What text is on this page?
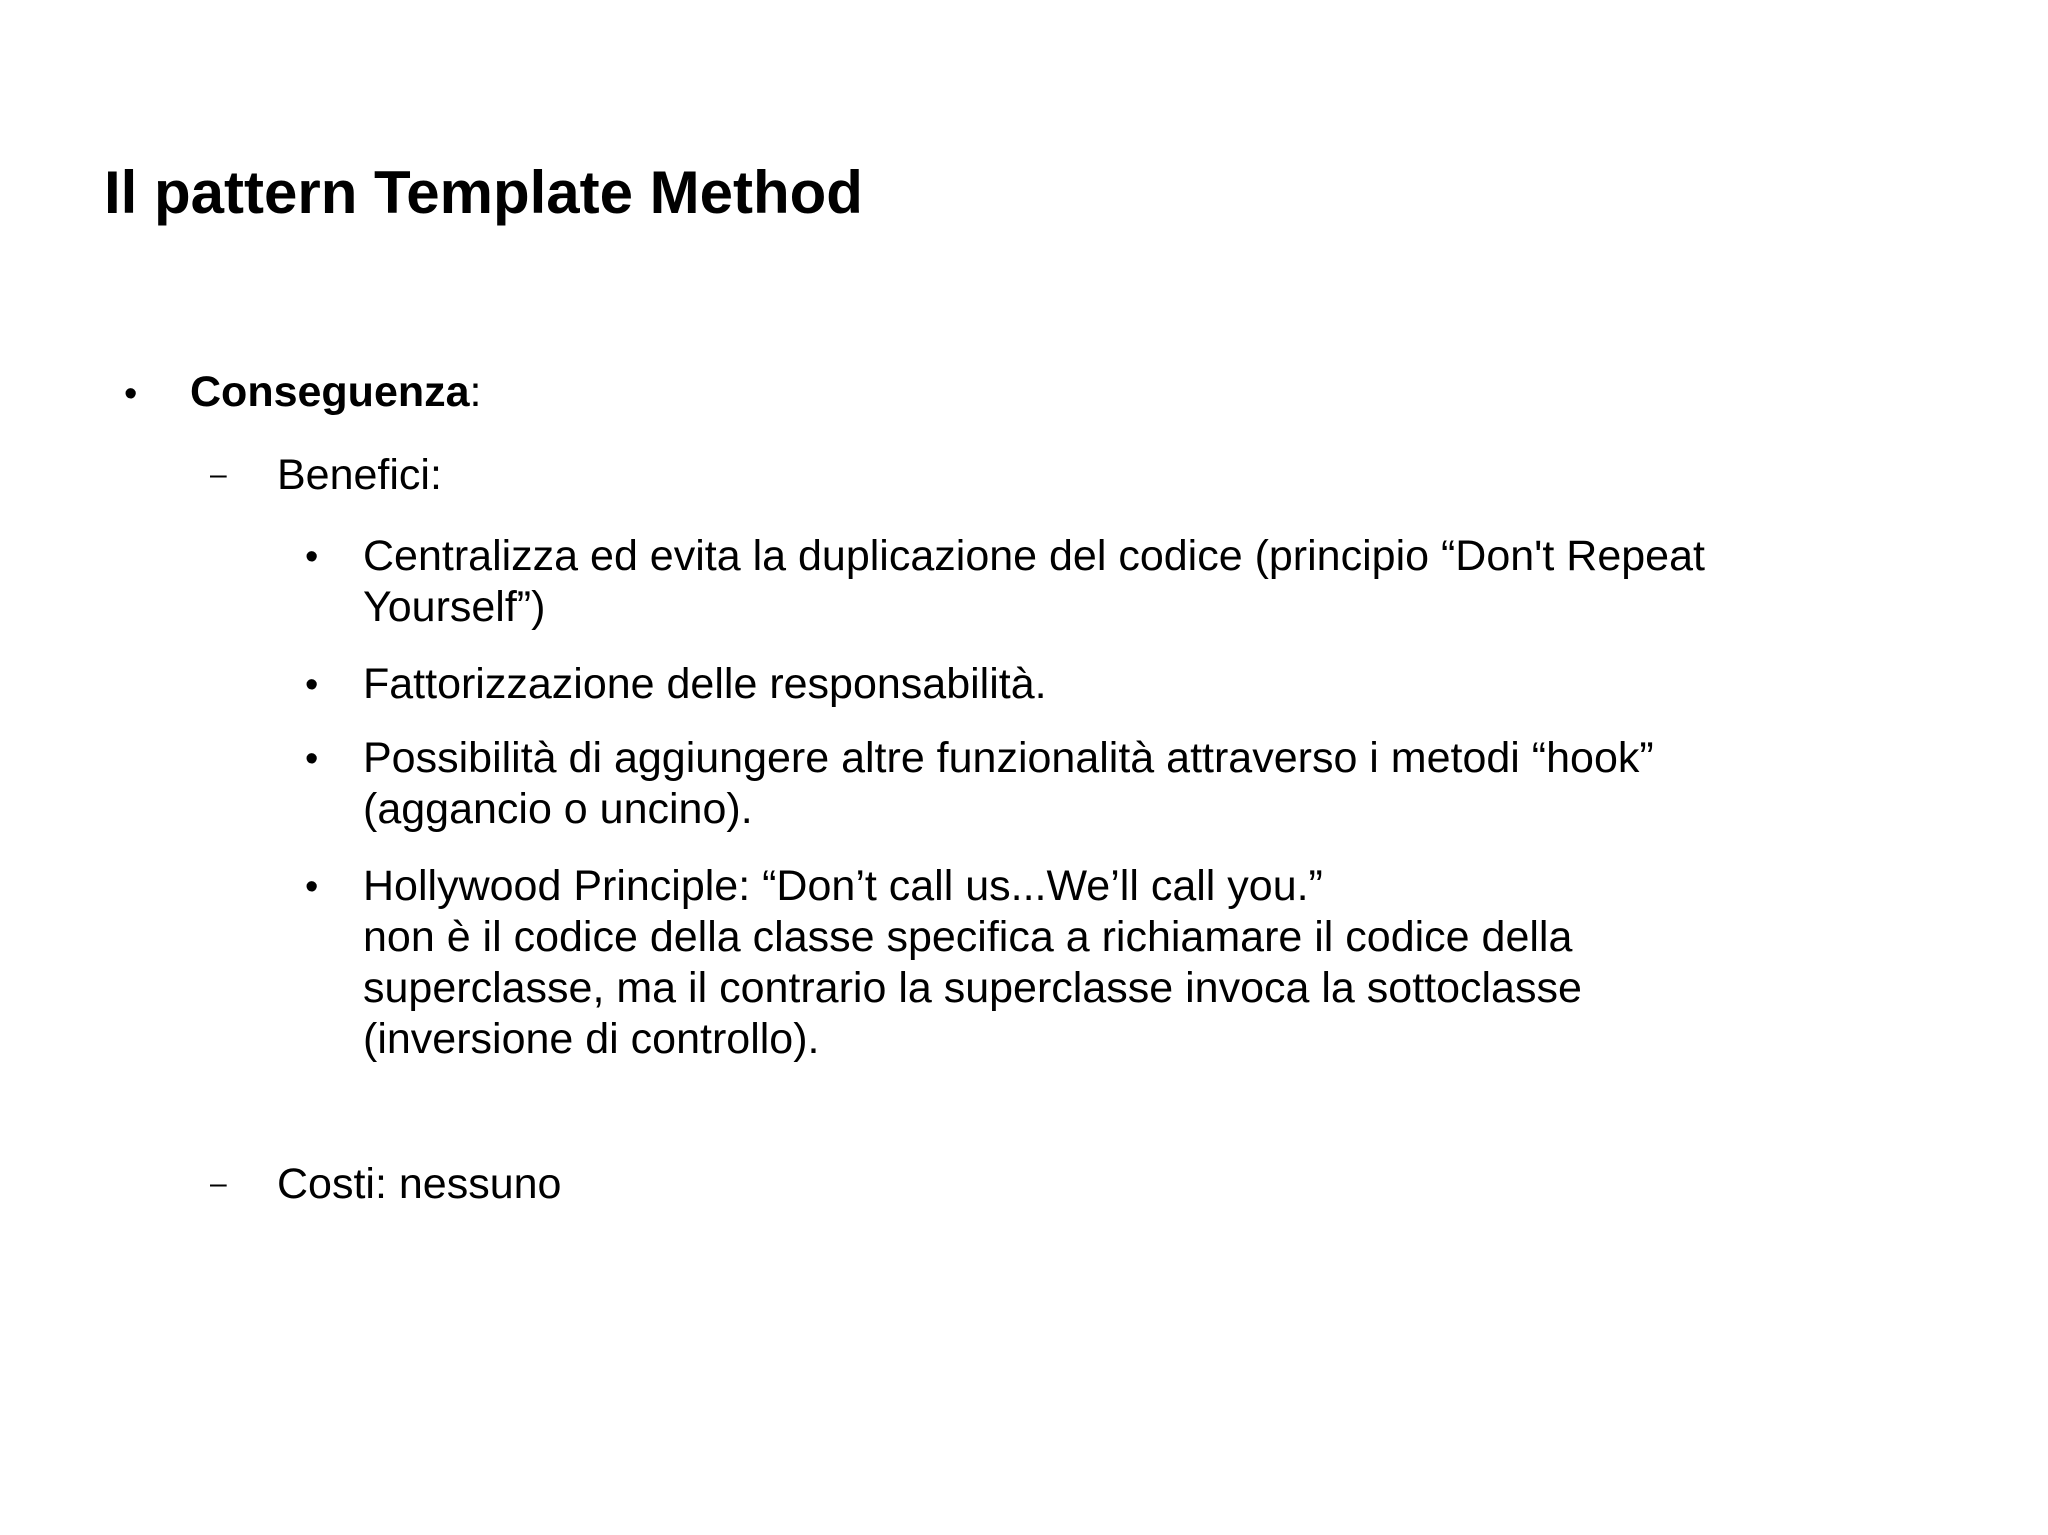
Il pattern Template Method
• Conseguenza:
– Benefici:
• Centralizza ed evita la duplicazione del codice (principio “Don't Repeat
Yourself”)

• Fattorizzazione delle responsabilità.

• Possibilità di aggiungere altre funzionalità attraverso i metodi “hook”
(aggancio o uncino).

• Hollywood Principle: “Don’t call us...We’ll call you.”
non è il codice della classe specifica a richiamare il codice della
superclasse, ma il contrario la superclasse invoca la sottoclasse
(inversione di controllo).

– Costi: nessuno
